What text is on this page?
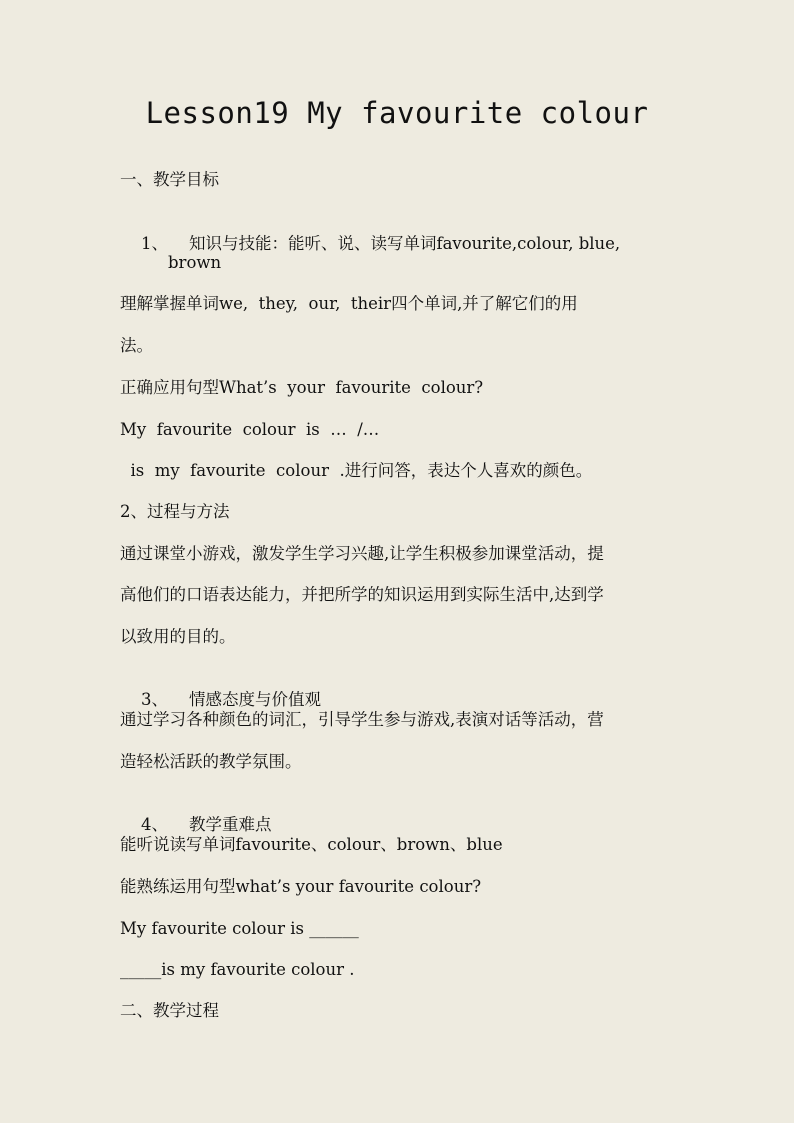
Lesson19 My favourite colour
一、教学目标

1、 知识与技能：能听、说、读写单词favourite,colour, blue,

brown
理解掌握单词we,  they,  our,  their四个单词,并了解它们的用
法。
正确应用句型What’s  your  favourite  colour?
My  favourite  colour  is  …  /…
is  my  favourite  colour  .进行问答，表达个人喜欢的颜色。
2、过程与方法
通过课堂小游戏，激发学生学习兴趣,让学生积极参加课堂活动，提
高他们的口语表达能力，并把所学的知识运用到实际生活中,达到学
以致用的目的。

3、 情感态度与价值观

通过学习各种颜色的词汇，引导学生参与游戏,表演对话等活动，营
造轻松活跃的教学氛围。

4、 教学重难点

能听说读写单词favourite、colour、brown、blue
能熟练运用句型what’s your favourite colour?
My favourite colour is ______
_____is my favourite colour .
二、教学过程
